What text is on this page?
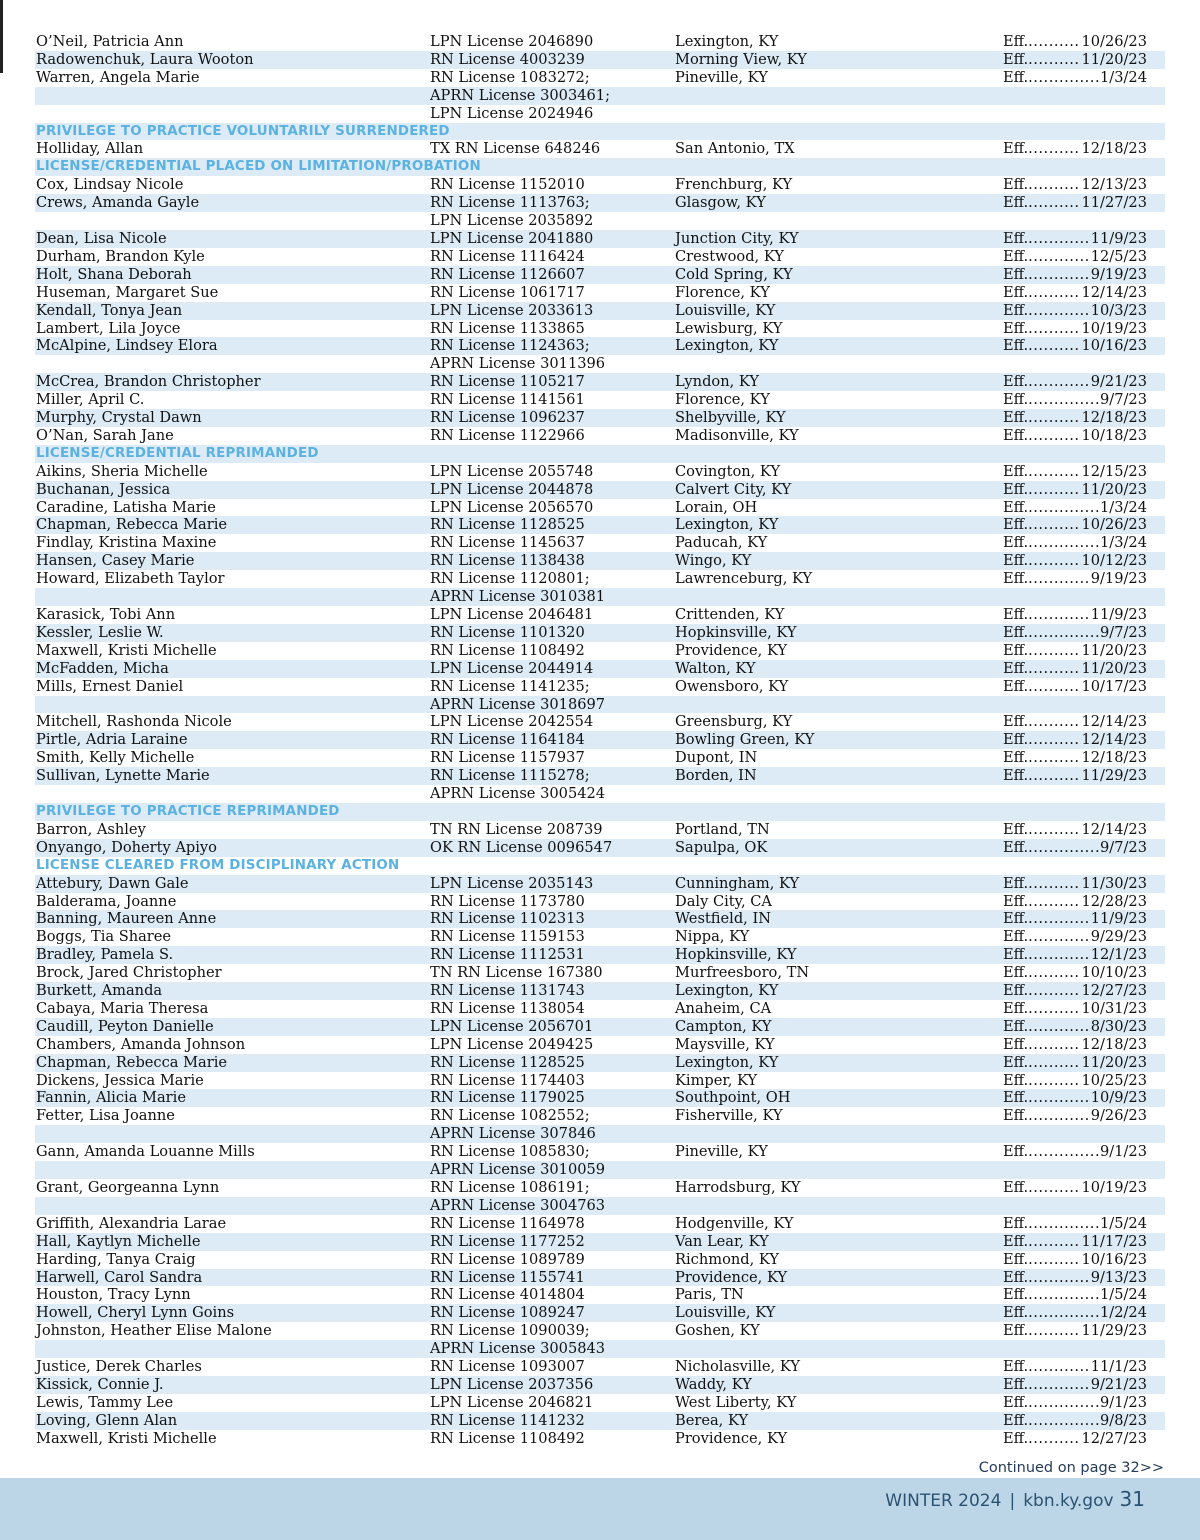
O’Neil, Patricia Ann	LPN License 2046890	Lexington, KY	Eff. .....	10/26/23
Radowenchuk, Laura Wooton	RN License 4003239	Morning View, KY	Eff. .....	11/20/23
Warren, Angela Marie	RN License 1083272;	Pineville, KY	Eff. .....	1/3/24
APRN License 3003461;
LPN License 2024946
PRIVILEGE TO PRACTICE VOLUNTARILY SURRENDERED
Holliday, Allan	TX RN License 648246	San Antonio, TX	Eff. .....	12/18/23
LICENSE/CREDENTIAL PLACED ON LIMITATION/PROBATION
Cox, Lindsay Nicole	RN License 1152010	Frenchburg, KY	Eff. .....	12/13/23
Crews, Amanda Gayle	RN License 1113763;	Glasgow, KY	Eff. .....	11/27/23
LPN License 2035892
Dean, Lisa Nicole	LPN License 2041880	Junction City, KY	Eff. .....	11/9/23
Durham, Brandon Kyle	RN License 1116424	Crestwood, KY	Eff. .....	12/5/23
Holt, Shana Deborah	RN License 1126607	Cold Spring, KY	Eff. .....	9/19/23
Huseman, Margaret Sue	RN License 1061717	Florence, KY	Eff. .....	12/14/23
Kendall, Tonya Jean	LPN License 2033613	Louisville, KY	Eff. .....	10/3/23
Lambert, Lila Joyce	RN License 1133865	Lewisburg, KY	Eff. .....	10/19/23
McAlpine, Lindsey Elora	RN License 1124363;	Lexington, KY	Eff. .....	10/16/23
APRN License 3011396
McCrea, Brandon Christopher	RN License 1105217	Lyndon, KY	Eff. .....	9/21/23
Miller, April C.	RN License 1141561	Florence, KY	Eff. .....	9/7/23
Murphy, Crystal Dawn	RN License 1096237	Shelbyville, KY	Eff. .....	12/18/23
O’Nan, Sarah Jane	RN License 1122966	Madisonville, KY	Eff. .....	10/18/23
LICENSE/CREDENTIAL REPRIMANDED
Aikins, Sheria Michelle	LPN License 2055748	Covington, KY	Eff. .....	12/15/23
Buchanan, Jessica	LPN License 2044878	Calvert City, KY	Eff. .....	11/20/23
Caradine, Latisha Marie	LPN License 2056570	Lorain, OH	Eff. .....	1/3/24
Chapman, Rebecca Marie	RN License 1128525	Lexington, KY	Eff. .....	10/26/23
Findlay, Kristina Maxine	RN License 1145637	Paducah, KY	Eff. .....	1/3/24
Hansen, Casey Marie	RN License 1138438	Wingo, KY	Eff. .....	10/12/23
Howard, Elizabeth Taylor	RN License 1120801;	Lawrenceburg, KY	Eff. .....	9/19/23
APRN License 3010381
Karasick, Tobi Ann	LPN License 2046481	Crittenden, KY	Eff. .....	11/9/23
Kessler, Leslie W.	RN License 1101320	Hopkinsville, KY	Eff. .....	9/7/23
Maxwell, Kristi Michelle	RN License 1108492	Providence, KY	Eff. .....	11/20/23
McFadden, Micha	LPN License 2044914	Walton, KY	Eff. .....	11/20/23
Mills, Ernest Daniel	RN License 1141235;	Owensboro, KY	Eff. .....	10/17/23
APRN License 3018697
Mitchell, Rashonda Nicole	LPN License 2042554	Greensburg, KY	Eff. .....	12/14/23
Pirtle, Adria Laraine	RN License 1164184	Bowling Green, KY	Eff. .....	12/14/23
Smith, Kelly Michelle	RN License 1157937	Dupont, IN	Eff. .....	12/18/23
Sullivan, Lynette Marie	RN License 1115278;	Borden, IN	Eff. .....	11/29/23
APRN License 3005424
PRIVILEGE TO PRACTICE REPRIMANDED
Barron, Ashley	TN RN License 208739	Portland, TN	Eff. .....	12/14/23
Onyango, Doherty Apiyo	OK RN License 0096547	Sapulpa, OK	Eff. .....	9/7/23
LICENSE CLEARED FROM DISCIPLINARY ACTION
Attebury, Dawn Gale	LPN License 2035143	Cunningham, KY	Eff. .....	11/30/23
Balderama, Joanne	RN License 1173780	Daly City, CA	Eff. .....	12/28/23
Banning, Maureen Anne	RN License 1102313	Westfield, IN	Eff. .....	11/9/23
Boggs, Tia Sharee	RN License 1159153	Nippa, KY	Eff. .....	9/29/23
Bradley, Pamela S.	RN License 1112531	Hopkinsville, KY	Eff. .....	12/1/23
Brock, Jared Christopher	TN RN License 167380	Murfreesboro, TN	Eff. .....	10/10/23
Burkett, Amanda	RN License 1131743	Lexington, KY	Eff. .....	12/27/23
Cabaya, Maria Theresa	RN License 1138054	Anaheim, CA	Eff. .....	10/31/23
Caudill, Peyton Danielle	LPN License 2056701	Campton, KY	Eff. .....	8/30/23
Chambers, Amanda Johnson	LPN License 2049425	Maysville, KY	Eff. .....	12/18/23
Chapman, Rebecca Marie	RN License 1128525	Lexington, KY	Eff. .....	11/20/23
Dickens, Jessica Marie	RN License 1174403	Kimper, KY	Eff. .....	10/25/23
Fannin, Alicia Marie	RN License 1179025	Southpoint, OH	Eff. .....	10/9/23
Fetter, Lisa Joanne	RN License 1082552;	Fisherville, KY	Eff. .....	9/26/23
APRN License 307846
Gann, Amanda Louanne Mills	RN License 1085830;	Pineville, KY	Eff. .....	9/1/23
APRN License 3010059
Grant, Georgeanna Lynn	RN License 1086191;	Harrodsburg, KY	Eff. .....	10/19/23
APRN License 3004763
Griffith, Alexandria Larae	RN License 1164978	Hodgenville, KY	Eff. .....	1/5/24
Hall, Kaytlyn Michelle	RN License 1177252	Van Lear, KY	Eff. .....	11/17/23
Harding, Tanya Craig	RN License 1089789	Richmond, KY	Eff. .....	10/16/23
Harwell, Carol Sandra	RN License 1155741	Providence, KY	Eff. .....	9/13/23
Houston, Tracy Lynn	RN License 4014804	Paris, TN	Eff. .....	1/5/24
Howell, Cheryl Lynn Goins	RN License 1089247	Louisville, KY	Eff. .....	1/2/24
Johnston, Heather Elise Malone	RN License 1090039;	Goshen, KY	Eff. .....	11/29/23
APRN License 3005843
Justice, Derek Charles	RN License 1093007	Nicholasville, KY	Eff. .....	11/1/23
Kissick, Connie J.	LPN License 2037356	Waddy, KY	Eff. .....	9/21/23
Lewis, Tammy Lee	LPN License 2046821	West Liberty, KY	Eff. .....	9/1/23
Loving, Glenn Alan	RN License 1141232	Berea, KY	Eff. .....	9/8/23
Maxwell, Kristi Michelle	RN License 1108492	Providence, KY	Eff. .....	12/27/23
Continued on page 32>>
WINTER 2024 | kbn.ky.gov 31
